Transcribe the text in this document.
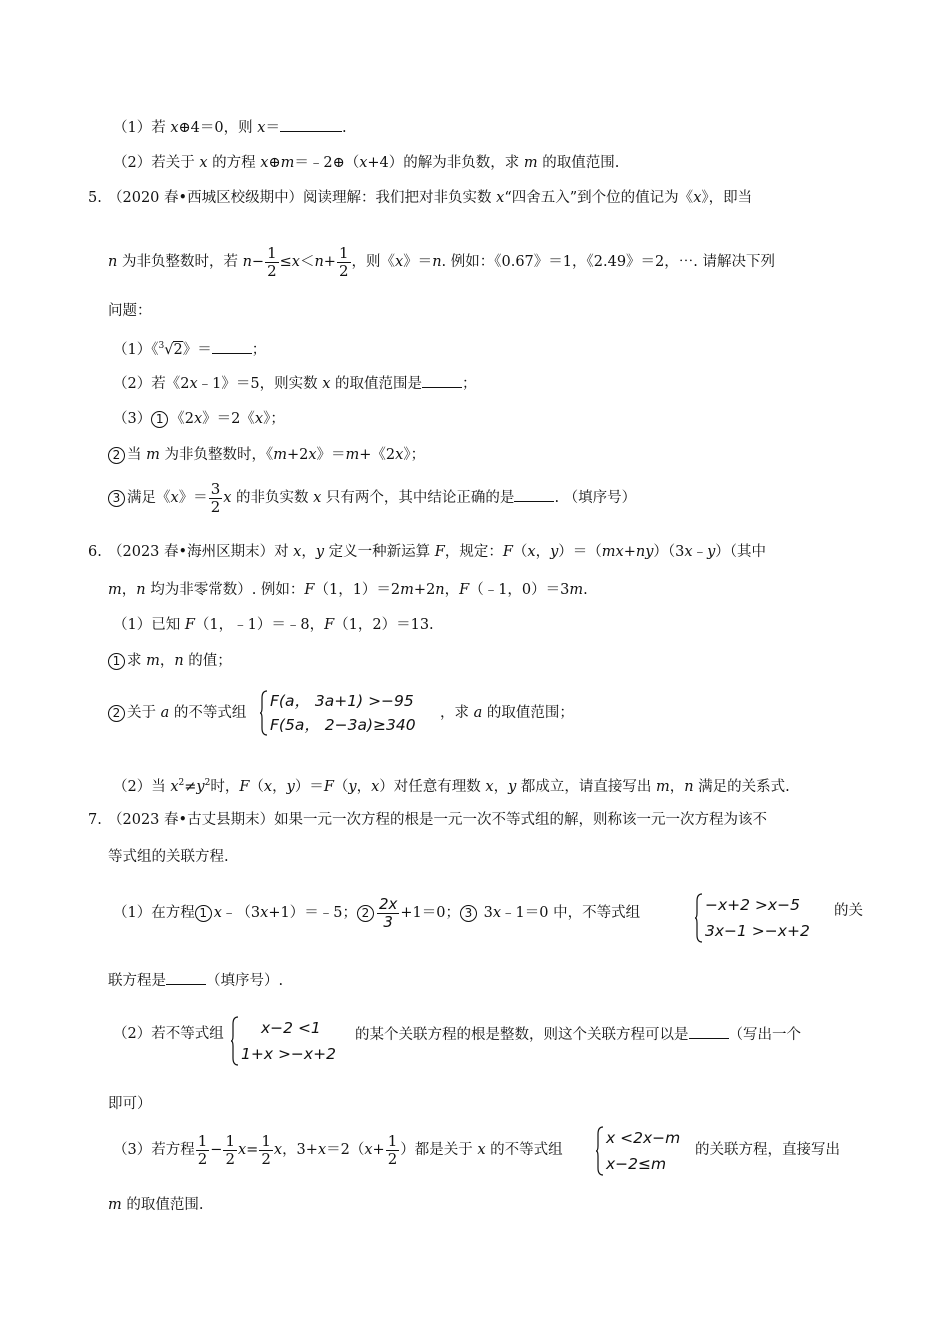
（1）若 x⊕4＝0，则 x＝	.
（2）若关于 x 的方程 x⊕m＝﹣2⊕（x+4）的解为非负数，求 m 的取值范围.
5. （2020 春•西城区校级期中）阅读理解：我们把对非负实数 x“四舍五入”到个位的值记为《x》，即当
n 为非负整数时，若 $n- \frac{1}{2} \le x<n+ \frac{1}{2}$ ，则《x》＝n. 例如：《0.67》＝1，《2.49》＝2，⋯. 请解决下列
问题：
（1）《$^3$√2》＝	；
（2）若《2x﹣1》＝5，则实数 x 的取值范围是	；
（3） 1 《2x》＝2《x》；
2 当 m 为非负整数时，《m+2x》＝m+《2x》；
3 满足《x》＝ $\frac{3}{2}$ x 的非负实数 x 只有两个，其中结论正确的是	. （填序号）
6. （2023 春•海州区期末）对 x，y 定义一种新运算 F，规定：F（x，y）＝（mx+ny）（3x﹣y）（其中
m，n 均为非零常数）. 例如：F（1，1）＝2m+2n，F（﹣1，0）＝3m.
（1）已知 F（1，﹣1）＝﹣8，F（1，2）＝13.
1 求 m，n 的值；
2 关于 a 的不等式组
F(a， 3a+1) >−95
F(5a， 2−3a)≥340
，求 a 的取值范围；
（2）当 $x^2\ne y^2$时，F（x，y）＝F（y，x）对任意有理数 x，y 都成立，请直接写出 m，n 满足的关系式.
7. （2023 春•古丈县期末）如果一元一次方程的根是一元一次不等式组的解，则称该一元一次方程为该不
等式组的关联方程.
（1）在方程 1 x﹣（3x+1）＝﹣5； $2 \frac{2x}{3} +1=0$； 3 3x﹣1＝0 中，不等式组	−x+2 >x−5
3x−1 >−x+2
的关
联方程是	（填序号）.
（2）若不等式组 x−2 <1
1+x >−x+2
的某个关联方程的根是整数，则这个关联方程可以是	（写出一个
即可）
（3）若方程 $\frac{1}{2} - \frac{1}{2} x= \frac{1}{2}$ x，$3+x=2(x+ \frac{1}{2}$ ）都是关于 x 的不等式组
x <2x−m
x−2≤m
的关联方程，直接写出
m 的取值范围.
